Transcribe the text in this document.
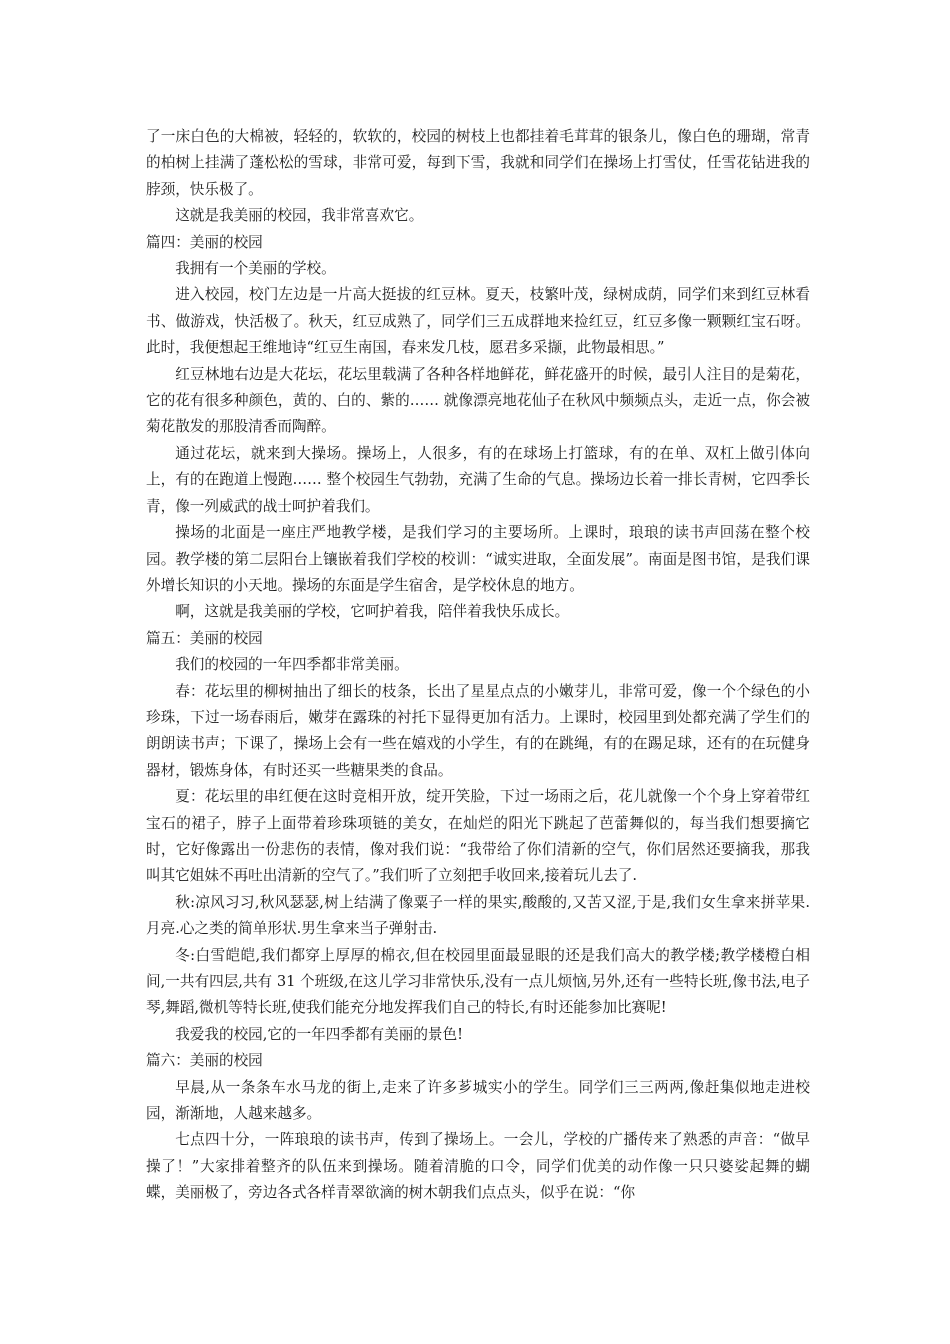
了一床白色的大棉被，轻轻的，软软的，校园的树枝上也都挂着毛茸茸的银条儿，像白色的珊瑚，常青的柏树上挂满了蓬松松的雪球，非常可爱，每到下雪，我就和同学们在操场上打雪仗，任雪花钻进我的脖颈，快乐极了。

这就是我美丽的校园，我非常喜欢它。

篇四：美丽的校园

我拥有一个美丽的学校。

进入校园，校门左边是一片高大挺拔的红豆林。夏天，枝繁叶茂，绿树成荫，同学们来到红豆林看书、做游戏，快活极了。秋天，红豆成熟了，同学们三五成群地来捡红豆，红豆多像一颗颗红宝石呀。此时，我便想起王维地诗“红豆生南国，春来发几枝，愿君多采撷，此物最相思。”

红豆林地右边是大花坛，花坛里载满了各种各样地鲜花，鲜花盛开的时候，最引人注目的是菊花，它的花有很多种颜色，黄的、白的、紫的…… 就像漂亮地花仙子在秋风中频频点头，走近一点，你会被菊花散发的那股清香而陶醉。

通过花坛，就来到大操场。操场上，人很多，有的在球场上打篮球，有的在单、双杠上做引体向上，有的在跑道上慢跑…… 整个校园生气勃勃，充满了生命的气息。操场边长着一排长青树，它四季长青，像一列威武的战士呵护着我们。

操场的北面是一座庄严地教学楼，是我们学习的主要场所。上课时，琅琅的读书声回荡在整个校园。教学楼的第二层阳台上镶嵌着我们学校的校训：“诚实进取，全面发展”。南面是图书馆，是我们课外增长知识的小天地。操场的东面是学生宿舍，是学校休息的地方。

啊，这就是我美丽的学校，它呵护着我，陪伴着我快乐成长。

篇五：美丽的校园

我们的校园的一年四季都非常美丽。

春：花坛里的柳树抽出了细长的枝条，长出了星星点点的小嫩芽儿，非常可爱，像一个个绿色的小珍珠，下过一场春雨后，嫩芽在露珠的衬托下显得更加有活力。上课时，校园里到处都充满了学生们的朗朗读书声；下课了，操场上会有一些在嬉戏的小学生，有的在跳绳，有的在踢足球，还有的在玩健身器材，锻炼身体，有时还买一些糖果类的食品。

夏：花坛里的串红便在这时竞相开放，绽开笑脸，下过一场雨之后，花儿就像一个个身上穿着带红宝石的裙子，脖子上面带着珍珠项链的美女，在灿烂的阳光下跳起了芭蕾舞似的，每当我们想要摘它时，它好像露出一份悲伤的表情，像对我们说：“我带给了你们清新的空气，你们居然还要摘我，那我叫其它姐妹不再吐出清新的空气了。”我们听了立刻把手收回来,接着玩儿去了.

秋:凉风习习,秋风瑟瑟,树上结满了像粟子一样的果实,酸酸的,又苦又涩,于是,我们女生拿来拼苹果.月亮.心之类的简单形状.男生拿来当子弹射击.

冬:白雪皑皑,我们都穿上厚厚的棉衣,但在校园里面最显眼的还是我们高大的教学楼;教学楼橙白相间,一共有四层,共有 31 个班级,在这儿学习非常快乐,没有一点儿烦恼,另外,还有一些特长班,像书法,电子琴,舞蹈,微机等特长班,使我们能充分地发挥我们自己的特长,有时还能参加比赛呢!

我爱我的校园,它的一年四季都有美丽的景色!

篇六：美丽的校园

早晨,从一条条车水马龙的街上,走来了许多芗城实小的学生。同学们三三两两,像赶集似地走进校园，渐渐地，人越来越多。

七点四十分，一阵琅琅的读书声，传到了操场上。一会儿，学校的广播传来了熟悉的声音：“做早操了！”大家排着整齐的队伍来到操场。随着清脆的口令，同学们优美的动作像一只只婆娑起舞的蝴蝶，美丽极了，旁边各式各样青翠欲滴的树木朝我们点点头，似乎在说：“你
